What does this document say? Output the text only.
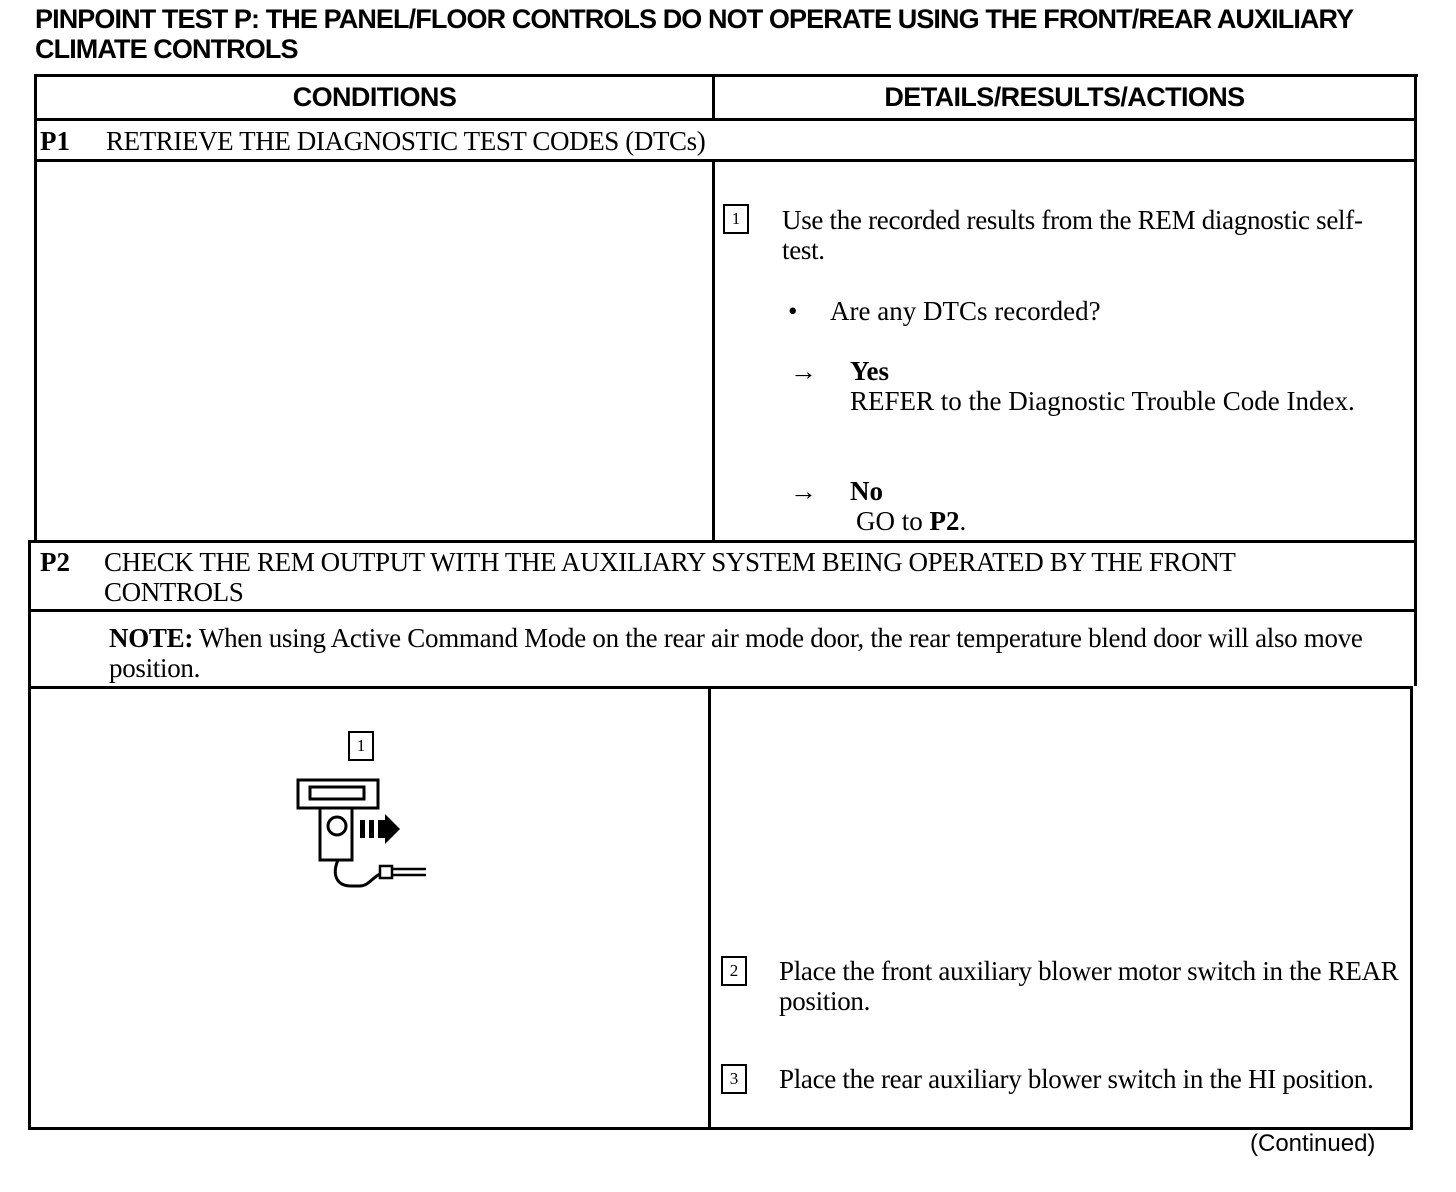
PINPOINT TEST P: THE PANEL/FLOOR CONTROLS DO NOT OPERATE USING THE FRONT/REAR AUXILIARY CLIMATE CONTROLS
CONDITIONS	DETAILS/RESULTS/ACTIONS
P1 RETRIEVE THE DIAGNOSTIC TEST CODES (DTCs)
1	Use the recorded results from the REM diagnostic self-test.
• Are any DTCs recorded?
→ Yes
REFER to the Diagnostic Trouble Code Index.
→ No
GO to P2.
P2 CHECK THE REM OUTPUT WITH THE AUXILIARY SYSTEM BEING OPERATED BY THE FRONT CONTROLS
NOTE: When using Active Command Mode on the rear air mode door, the rear temperature blend door will also move position.
1
2	Place the front auxiliary blower motor switch in the REAR position.
3	Place the rear auxiliary blower switch in the HI position.
(Continued)
